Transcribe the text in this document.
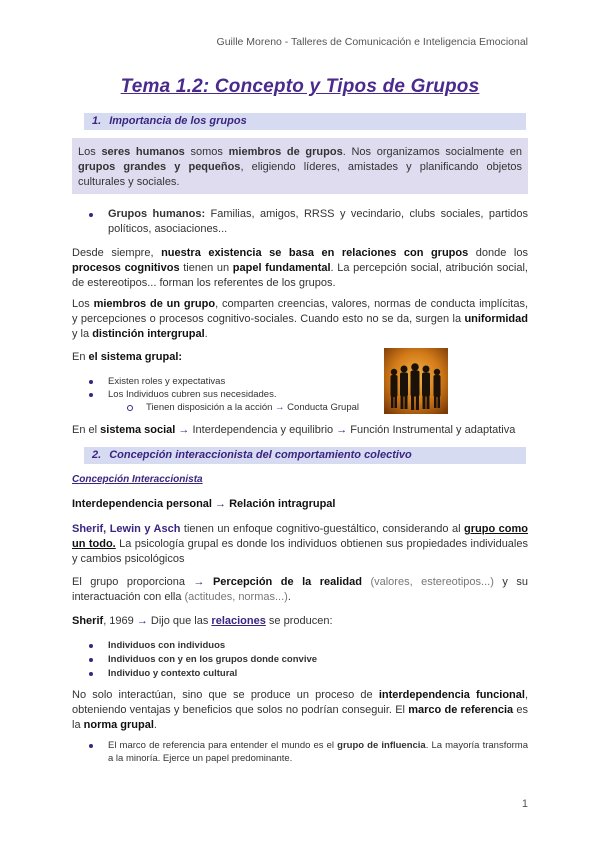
Guille Moreno - Talleres de Comunicación e Inteligencia Emocional
Tema 1.2: Concepto y Tipos de Grupos
1. Importancia de los grupos
Los seres humanos somos miembros de grupos. Nos organizamos socialmente en grupos grandes y pequeños, eligiendo líderes, amistades y planificando objetos culturales y sociales.
Grupos humanos: Familias, amigos, RRSS y vecindario, clubs sociales, partidos políticos, asociaciones...
Desde siempre, nuestra existencia se basa en relaciones con grupos donde los procesos cognitivos tienen un papel fundamental. La percepción social, atribución social, de estereotipos... forman los referentes de los grupos.
Los miembros de un grupo, comparten creencias, valores, normas de conducta implícitas, y percepciones o procesos cognitivo-sociales. Cuando esto no se da, surgen la uniformidad y la distinción intergrupal.
En el sistema grupal:
Existen roles y expectativas
Los Individuos cubren sus necesidades.
Tienen disposición a la acción → Conducta Grupal
En el sistema social → Interdependencia y equilibrio → Función Instrumental y adaptativa
2. Concepción interaccionista del comportamiento colectivo
Concepción Interaccionista
Interdependencia personal → Relación intragrupal
Sherif, Lewin y Asch tienen un enfoque cognitivo-guestáltico, considerando al grupo como un todo. La psicología grupal es donde los individuos obtienen sus propiedades individuales y cambios psicológicos
El grupo proporciona → Percepción de la realidad (valores, estereotipos...) y su interactuación con ella (actitudes, normas...).
Sherif, 1969 → Dijo que las relaciones se producen:
Individuos con individuos
Individuos con y en los grupos donde convive
Individuo y contexto cultural
No solo interactúan, sino que se produce un proceso de interdependencia funcional, obteniendo ventajas y beneficios que solos no podrían conseguir. El marco de referencia es la norma grupal.
El marco de referencia para entender el mundo es el grupo de influencia. La mayoría transforma a la minoría. Ejerce un papel predominante.
1
